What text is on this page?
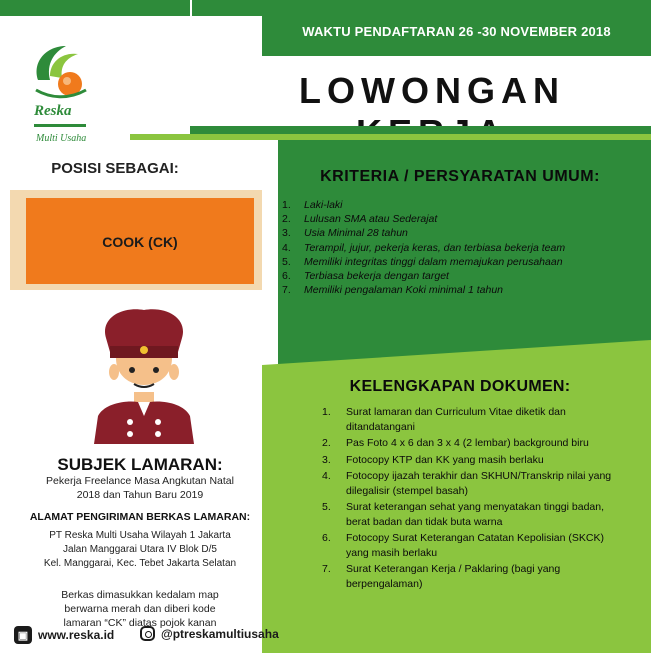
WAKTU PENDAFTARAN 26 -30 NOVEMBER 2018
LOWONGAN
Reska
Multi Usaha
POSISI SEBAGAI:
COOK (CK)
SUBJEK LAMARAN:
Pekerja Freelance Masa Angkutan Natal
2018 dan Tahun Baru 2019
ALAMAT PENGIRIMAN BERKAS LAMARAN:
PT Reska Multi Usaha Wilayah 1 Jakarta
Jalan Manggarai Utara IV Blok D/5
Kel. Manggarai, Kec. Tebet Jakarta Selatan
Berkas dimasukkan kedalam map
berwarna merah dan diberi kode
lamaran “CK” diatas pojok kanan
KRITERIA / PERSYARATAN UMUM:
1. Laki-laki
2. Lulusan SMA atau Sederajat
3. Usia Minimal 28 tahun
4. Terampil, jujur, pekerja keras, dan terbiasa bekerja team
5. Memiliki integritas tinggi dalam memajukan perusahaan
6. Terbiasa bekerja dengan target
7. Memiliki pengalaman Koki minimal 1 tahun
KELENGKAPAN DOKUMEN:
1. Surat lamaran dan Curriculum Vitae diketik dan ditandatangani
2. Pas Foto 4 x 6 dan 3 x 4 (2 lembar) background biru
3. Fotocopy KTP dan KK yang masih berlaku
4. Fotocopy ijazah terakhir dan SKHUN/Transkrip nilai yang dilegalisir (stempel basah)
5. Surat keterangan sehat yang menyatakan tinggi badan, berat badan dan tidak buta warna
6. Fotocopy Surat Keterangan Catatan Kepolisian (SKCK) yang masih berlaku
7. Surat Keterangan Kerja / Paklaring (bagi yang berpengalaman)
▣ www.reska.id	@ptreskamultiusaha
